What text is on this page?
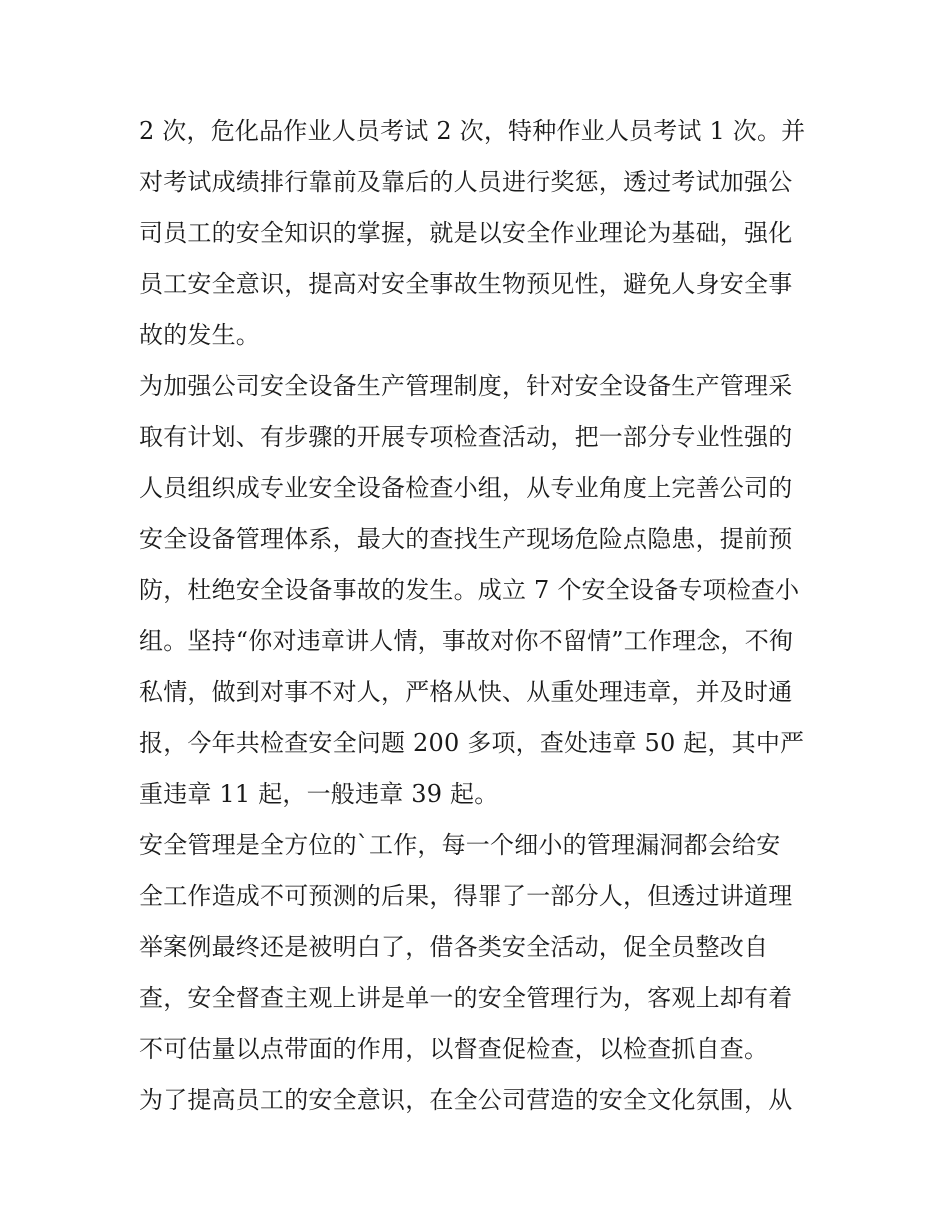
2 次，危化品作业人员考试 2 次，特种作业人员考试 1 次。并
对考试成绩排行靠前及靠后的人员进行奖惩，透过考试加强公
司员工的安全知识的掌握，就是以安全作业理论为基础，强化
员工安全意识，提高对安全事故生物预见性，避免人身安全事
故的发生。
为加强公司安全设备生产管理制度，针对安全设备生产管理采
取有计划、有步骤的开展专项检查活动，把一部分专业性强的
人员组织成专业安全设备检查小组，从专业角度上完善公司的
安全设备管理体系，最大的查找生产现场危险点隐患，提前预
防，杜绝安全设备事故的发生。成立 7 个安全设备专项检查小
组。坚持“你对违章讲人情，事故对你不留情”工作理念，不徇
私情，做到对事不对人，严格从快、从重处理违章，并及时通
报，今年共检查安全问题 200 多项，查处违章 50 起，其中严
重违章 11 起，一般违章 39 起。
安全管理是全方位的`工作，每一个细小的管理漏洞都会给安
全工作造成不可预测的后果，得罪了一部分人，但透过讲道理
举案例最终还是被明白了，借各类安全活动，促全员整改自
查，安全督查主观上讲是单一的安全管理行为，客观上却有着
不可估量以点带面的作用，以督查促检查，以检查抓自查。
为了提高员工的安全意识，在全公司营造的安全文化氛围，从
